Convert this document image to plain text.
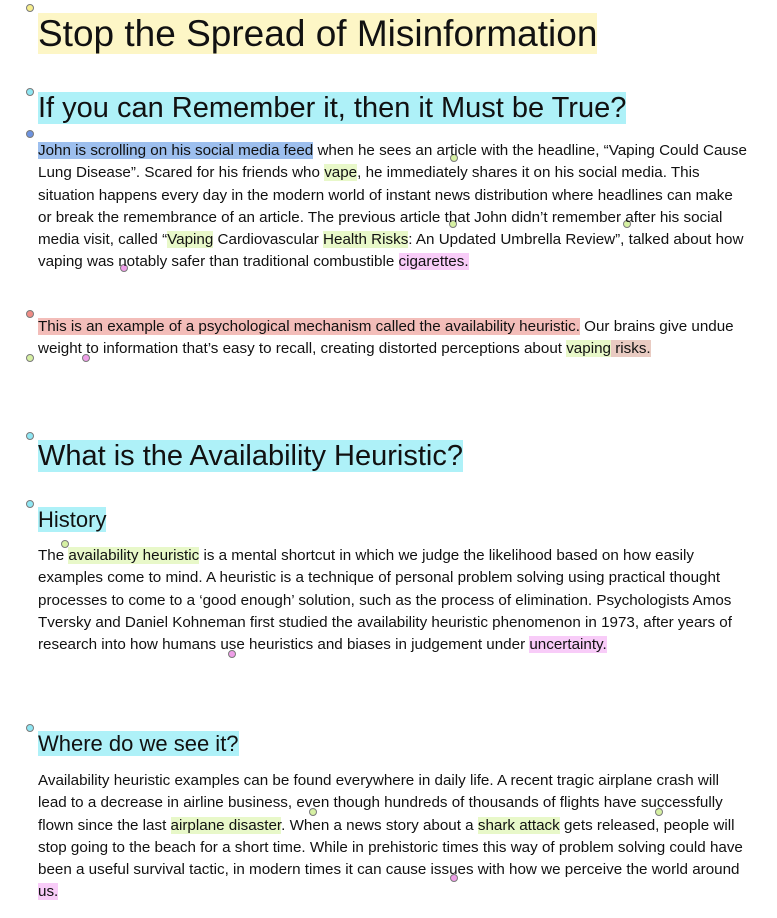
Stop the Spread of Misinformation
If you can Remember it, then it Must be True?

John is scrolling on his social media feed when he sees an article with the headline, “Vaping Could Cause Lung Disease”. Scared for his friends who vape, he immediately shares it on his social media. This situation happens every day in the modern world of instant news distribution where headlines can make or break the remembrance of an article. The previous article that John didn’t remember after his social media visit, called “Vaping Cardiovascular Health Risks: An Updated Umbrella Review”, talked about how vaping was notably safer than traditional combustible cigarettes.

This is an example of a psychological mechanism called the availability heuristic. Our brains give undue weight to information that’s easy to recall, creating distorted perceptions about vaping risks.

What is the Availability Heuristic?
History

The availability heuristic is a mental shortcut in which we judge the likelihood based on how easily examples come to mind. A heuristic is a technique of personal problem solving using practical thought processes to come to a ‘good enough’ solution, such as the process of elimination. Psychologists Amos Tversky and Daniel Kohneman first studied the availability heuristic phenomenon in 1973, after years of research into how humans use heuristics and biases in judgement under uncertainty.

Where do we see it?

Availability heuristic examples can be found everywhere in daily life. A recent tragic airplane crash will lead to a decrease in airline business, even though hundreds of thousands of flights have successfully flown since the last airplane disaster. When a news story about a shark attack gets released, people will stop going to the beach for a short time. While in prehistoric times this way of problem solving could have been a useful survival tactic, in modern times it can cause issues with how we perceive the world around us.
